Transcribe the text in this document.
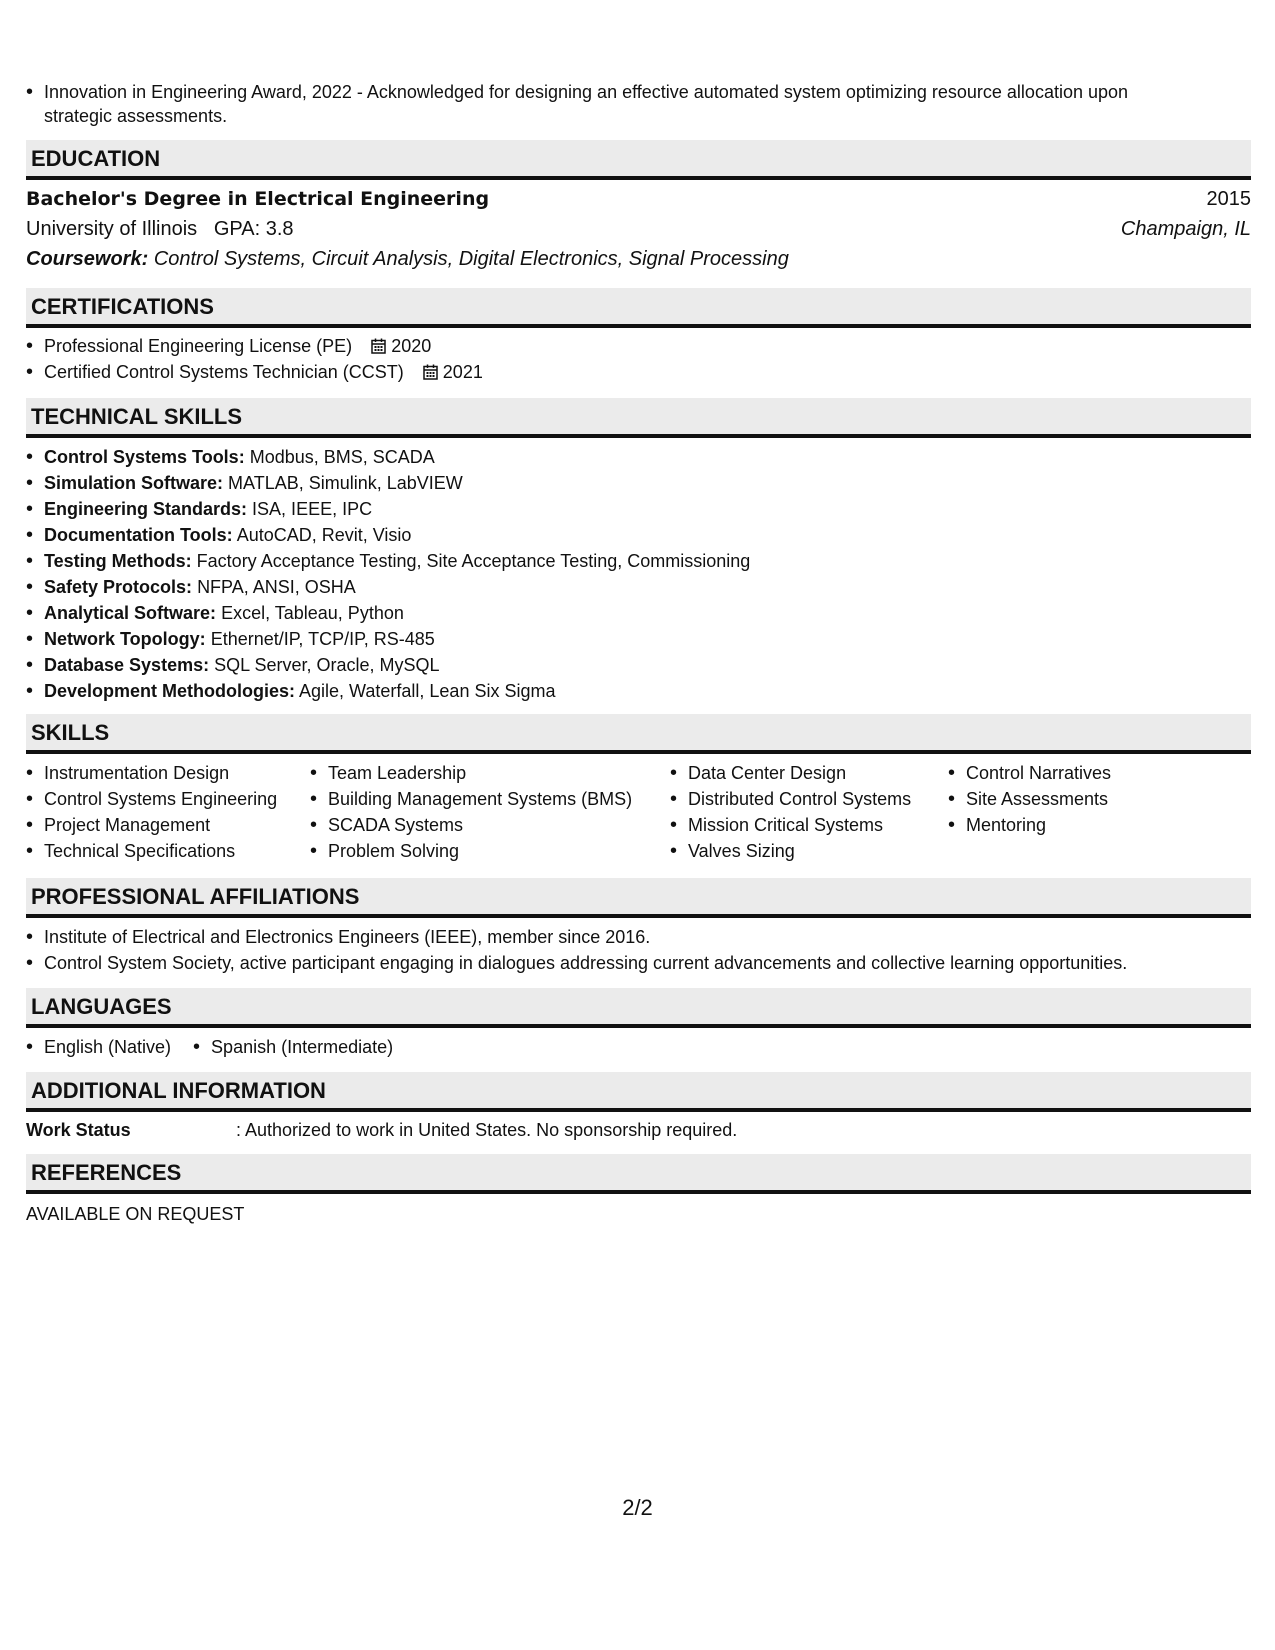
• Innovation in Engineering Award, 2022 - Acknowledged for designing an effective automated system optimizing resource allocation upon
strategic assessments.
EDUCATION
Bachelor's Degree in Electrical Engineering	2015
University of Illinois GPA: 3.8	Champaign, IL
Coursework: Control Systems, Circuit Analysis, Digital Electronics, Signal Processing
CERTIFICATIONS
• Professional Engineering License (PE) 2020
• Certified Control Systems Technician (CCST) 2021
TECHNICAL SKILLS
• Control Systems Tools: Modbus, BMS, SCADA
• Simulation Software: MATLAB, Simulink, LabVIEW
• Engineering Standards: ISA, IEEE, IPC
• Documentation Tools: AutoCAD, Revit, Visio
• Testing Methods: Factory Acceptance Testing, Site Acceptance Testing, Commissioning
• Safety Protocols: NFPA, ANSI, OSHA
• Analytical Software: Excel, Tableau, Python
• Network Topology: Ethernet/IP, TCP/IP, RS-485
• Database Systems: SQL Server, Oracle, MySQL
• Development Methodologies: Agile, Waterfall, Lean Six Sigma
SKILLS
• Instrumentation Design
• Control Systems Engineering
• Project Management
• Technical Specifications
• Team Leadership
• Building Management Systems (BMS)
• SCADA Systems
• Problem Solving
• Data Center Design
• Distributed Control Systems
• Mission Critical Systems
• Valves Sizing
• Control Narratives
• Site Assessments
• Mentoring
PROFESSIONAL AFFILIATIONS
• Institute of Electrical and Electronics Engineers (IEEE), member since 2016.
• Control System Society, active participant engaging in dialogues addressing current advancements and collective learning opportunities.
LANGUAGES
• English (Native)
•	Spanish (Intermediate)
ADDITIONAL INFORMATION
Work Status	: Authorized to work in United States. No sponsorship required.
REFERENCES
AVAILABLE ON REQUEST
2/2
